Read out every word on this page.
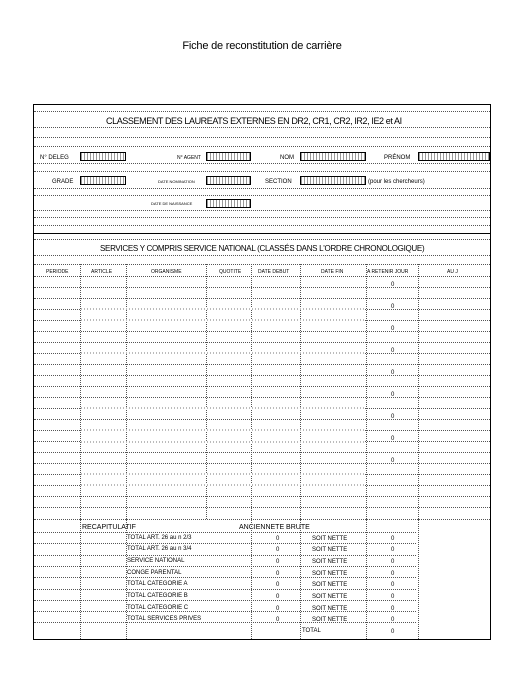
Fiche de reconstitution de carrière
CLASSEMENT DES LAUREATS EXTERNES EN DR2, CR1, CR2, IR2, IE2 et AI
N° DELEG	N° AGENT	NOM	PRÉNOM
GRADE	DATE NOMINATION	SECTION	(pour les chercheurs)
DATE DE NAISSANCE
SERVICES Y COMPRIS SERVICE NATIONAL (CLASSÉS DANS L'ORDRE CHRONOLOGIQUE)
PERIODE	ARTICLE	ORGANISME	QUOTITE	DATE DEBUT	DATE FIN	A RETENIR JOUR	AU J
0
0
0
0
0
0
0
0
0
RECAPITULATIF	ANCIENNETE BRUTE
TOTAL ART. 26 au n 2/3	0	SOIT NETTE	0
TOTAL ART. 26 au n 3/4	0	SOIT NETTE	0
SERVICE NATIONAL	0	SOIT NETTE	0
CONGE PARENTAL	0	SOIT NETTE	0
TOTAL CATEGORIE A	0	SOIT NETTE	0
TOTAL CATEGORIE B	0	SOIT NETTE	0
TOTAL CATEGORIE C	0	SOIT NETTE	0
TOTAL SERVICES PRIVES	0	SOIT NETTE	0
TOTAL	0
